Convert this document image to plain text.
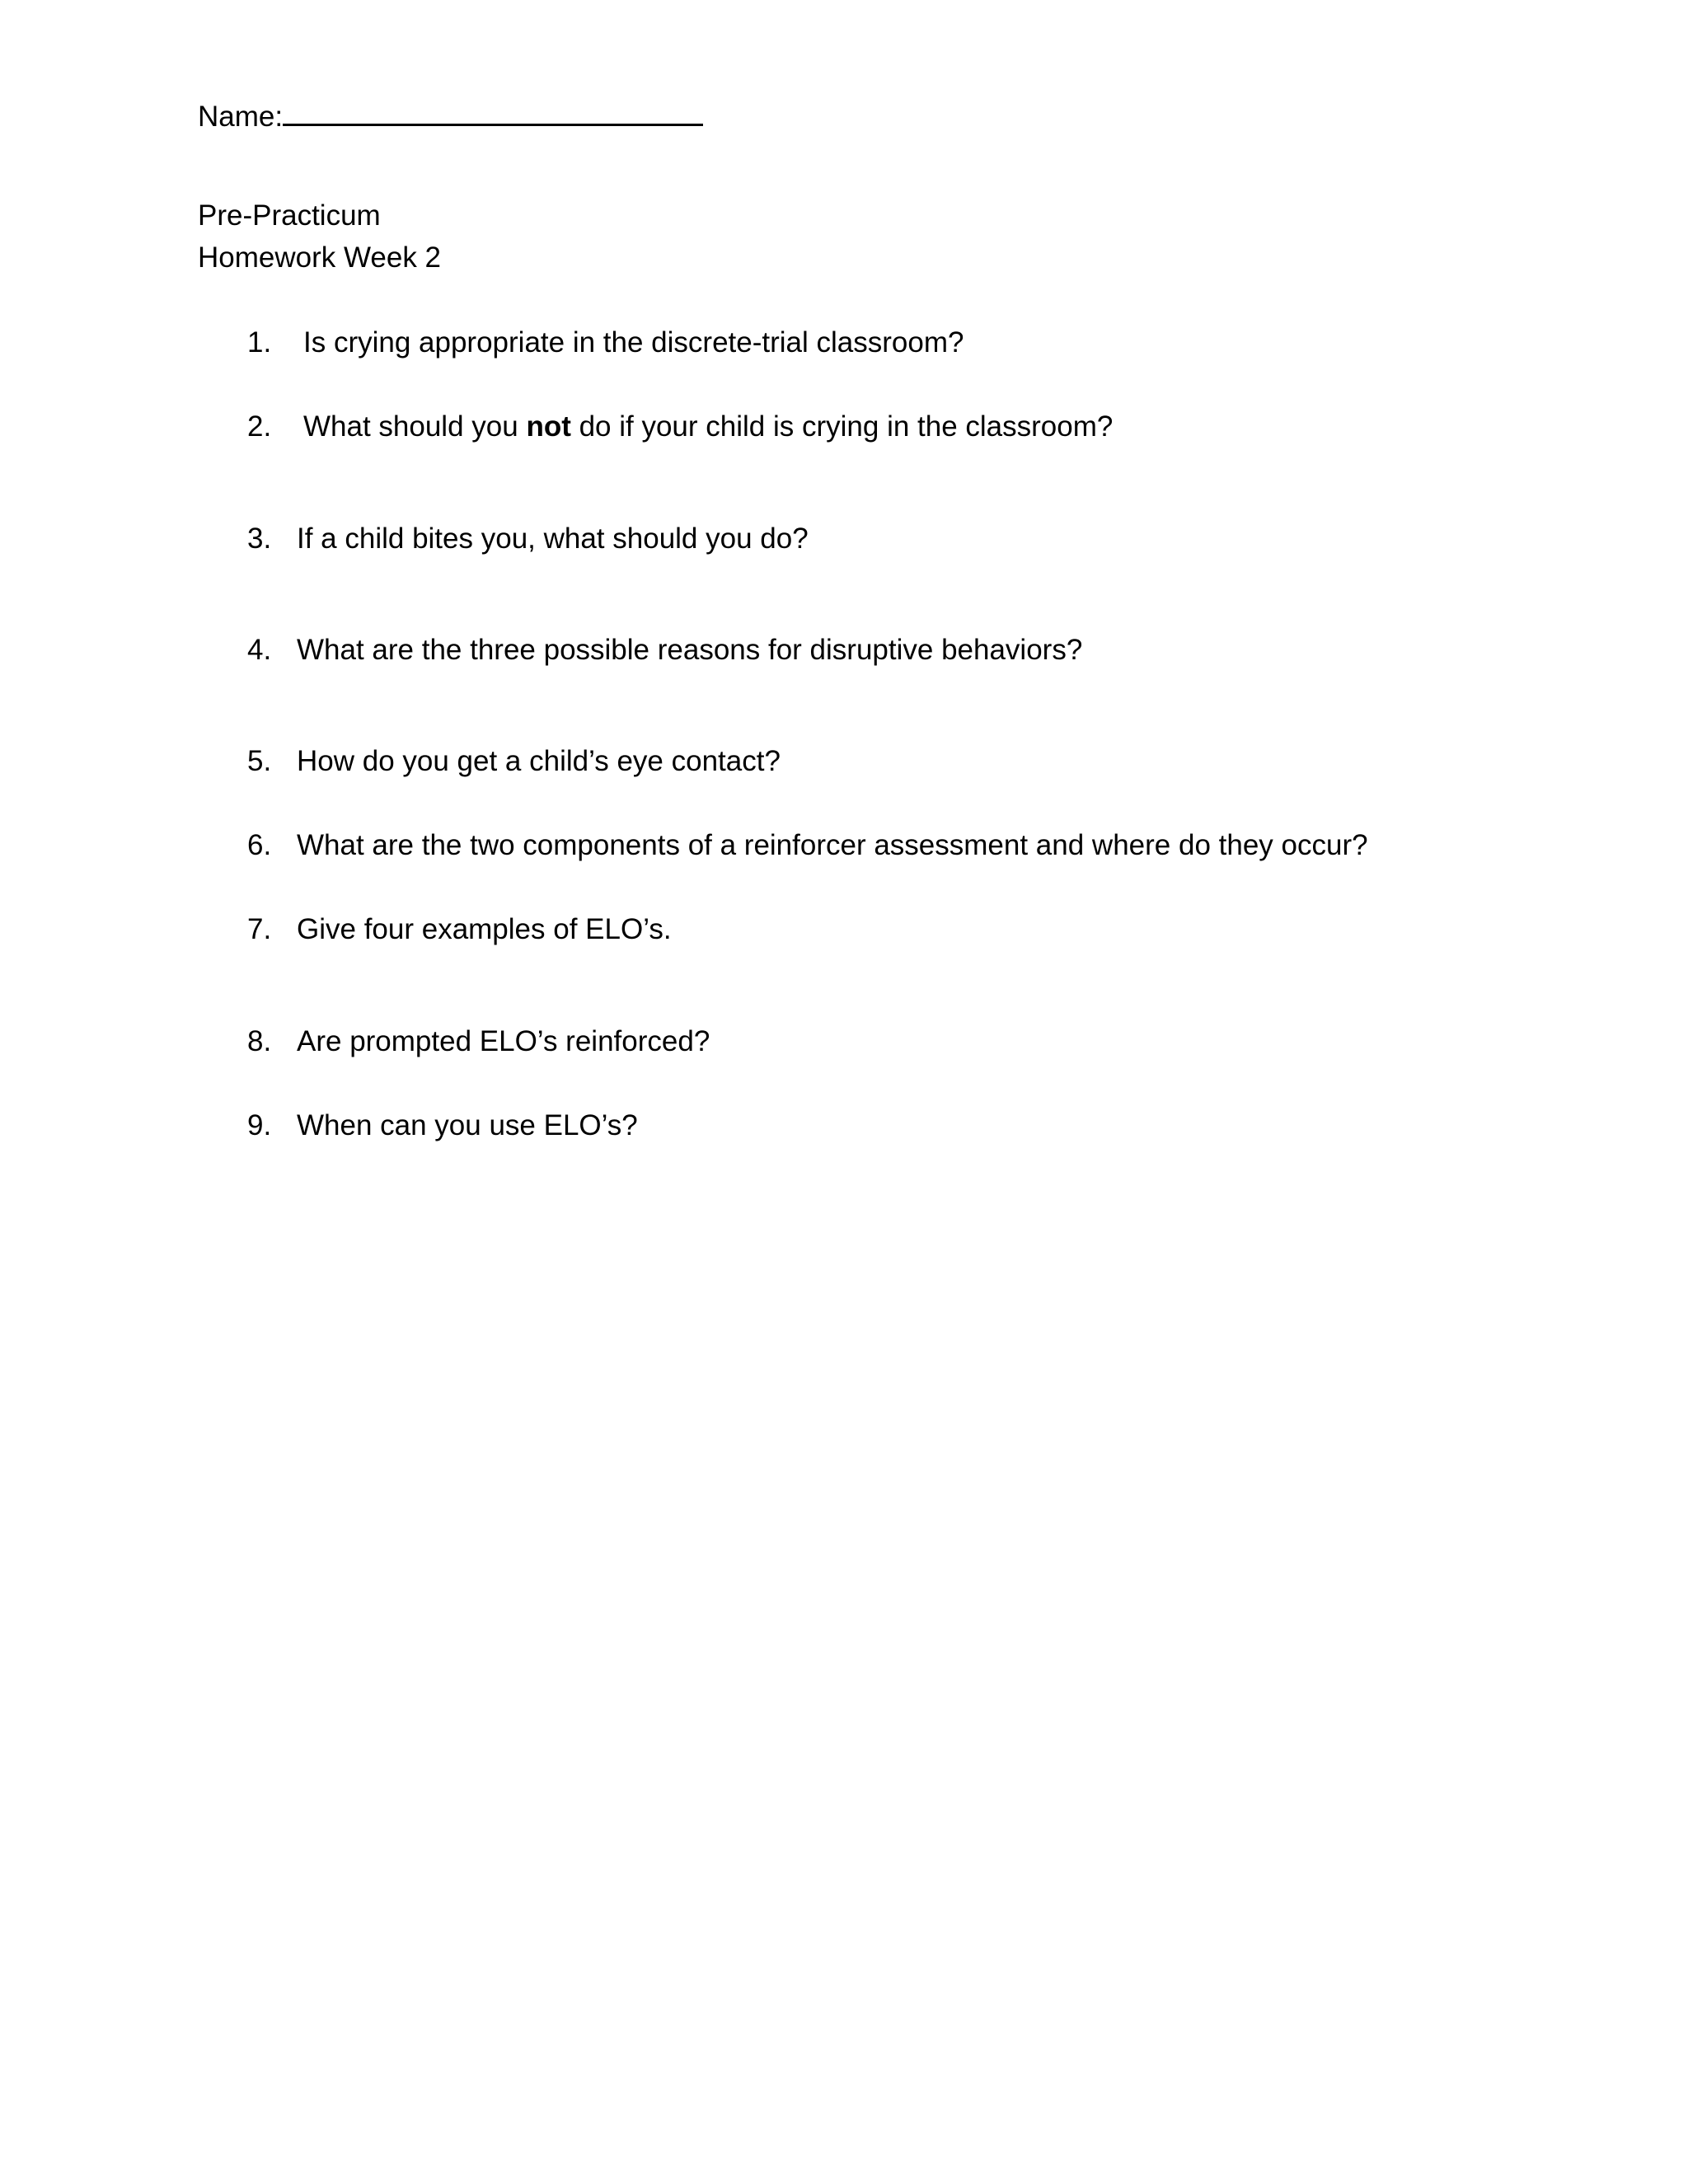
Name:
Pre-Practicum
Homework Week 2
1. Is crying appropriate in the discrete-trial classroom?
2. What should you not do if your child is crying in the classroom?
3. If a child bites you, what should you do?
4. What are the three possible reasons for disruptive behaviors?
5. How do you get a child’s eye contact?
6. What are the two components of a reinforcer assessment and where do they occur?
7. Give four examples of ELO’s.
8. Are prompted ELO’s reinforced?
9. When can you use ELO’s?
